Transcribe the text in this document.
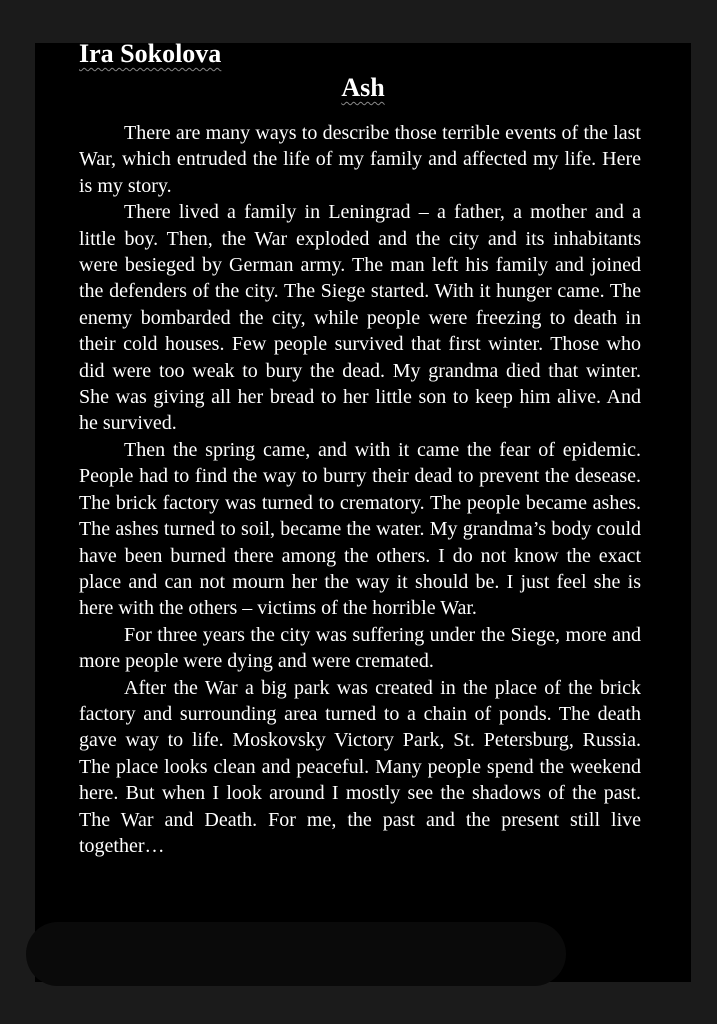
Ira Sokolova
Ash

There are many ways to describe those terrible events of the last War, which entruded the life of my family and affected my life. Here is my story.

There lived a family in Leningrad – a father, a mother and a little boy. Then, the War exploded and the city and its inhabitants were besieged by German army. The man left his family and joined the defenders of the city. The Siege started. With it hunger came. The enemy bombarded the city, while people were freezing to death in their cold houses. Few people survived that first winter. Those who did were too weak to bury the dead. My grandma died that winter. She was giving all her bread to her little son to keep him alive. And he survived.

Then the spring came, and with it came the fear of epidemic. People had to find the way to burry their dead to prevent the desease. The brick factory was turned to crematory. The people became ashes. The ashes turned to soil, became the water. My grandma’s body could have been burned there among the others. I do not know the exact place and can not mourn her the way it should be. I just feel she is here with the others – victims of the horrible War.

For three years the city was suffering under the Siege, more and more people were dying and were cremated.

After the War a big park was created in the place of the brick factory and surrounding area turned to a chain of ponds. The death gave way to life. Moskovsky Victory Park, St. Petersburg, Russia. The place looks clean and peaceful. Many people spend the weekend here. But when I look around I mostly see the shadows of the past. The War and Death. For me, the past and the present still live together…
